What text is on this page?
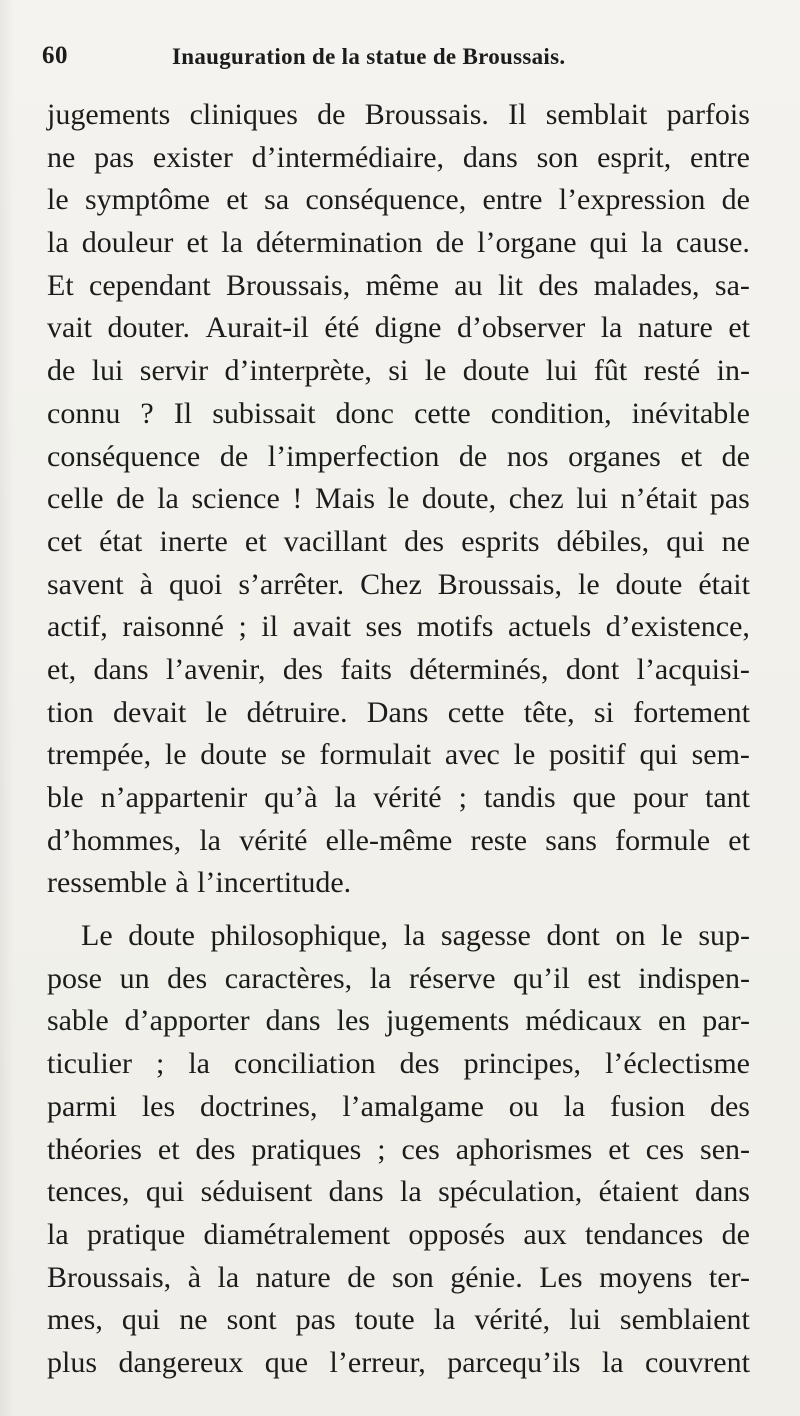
60	Inauguration de la statue de Broussais.
jugements cliniques de Broussais. Il semblait parfois
ne pas exister d’intermédiaire, dans son esprit, entre
le symptôme et sa conséquence, entre l’expression de
la douleur et la détermination de l’organe qui la cause.
Et cependant Broussais, même au lit des malades, sa-
vait douter. Aurait-il été digne d’observer la nature et
de lui servir d’interprète, si le doute lui fût resté in-
connu ? Il subissait donc cette condition, inévitable
conséquence de l’imperfection de nos organes et de
celle de la science ! Mais le doute, chez lui n’était pas
cet état inerte et vacillant des esprits débiles, qui ne
savent à quoi s’arrêter. Chez Broussais, le doute était
actif, raisonné ; il avait ses motifs actuels d’existence,
et, dans l’avenir, des faits déterminés, dont l’acquisi-
tion devait le détruire. Dans cette tête, si fortement
trempée, le doute se formulait avec le positif qui sem-
ble n’appartenir qu’à la vérité ; tandis que pour tant
d’hommes, la vérité elle-même reste sans formule et
ressemble à l’incertitude.
Le doute philosophique, la sagesse dont on le sup-
pose un des caractères, la réserve qu’il est indispen-
sable d’apporter dans les jugements médicaux en par-
ticulier ; la conciliation des principes, l’éclectisme
parmi les doctrines, l’amalgame ou la fusion des
théories et des pratiques ; ces aphorismes et ces sen-
tences, qui séduisent dans la spéculation, étaient dans
la pratique diamétralement opposés aux tendances de
Broussais, à la nature de son génie. Les moyens ter-
mes, qui ne sont pas toute la vérité, lui semblaient
plus dangereux que l’erreur, parcequ’ils la couvrent
